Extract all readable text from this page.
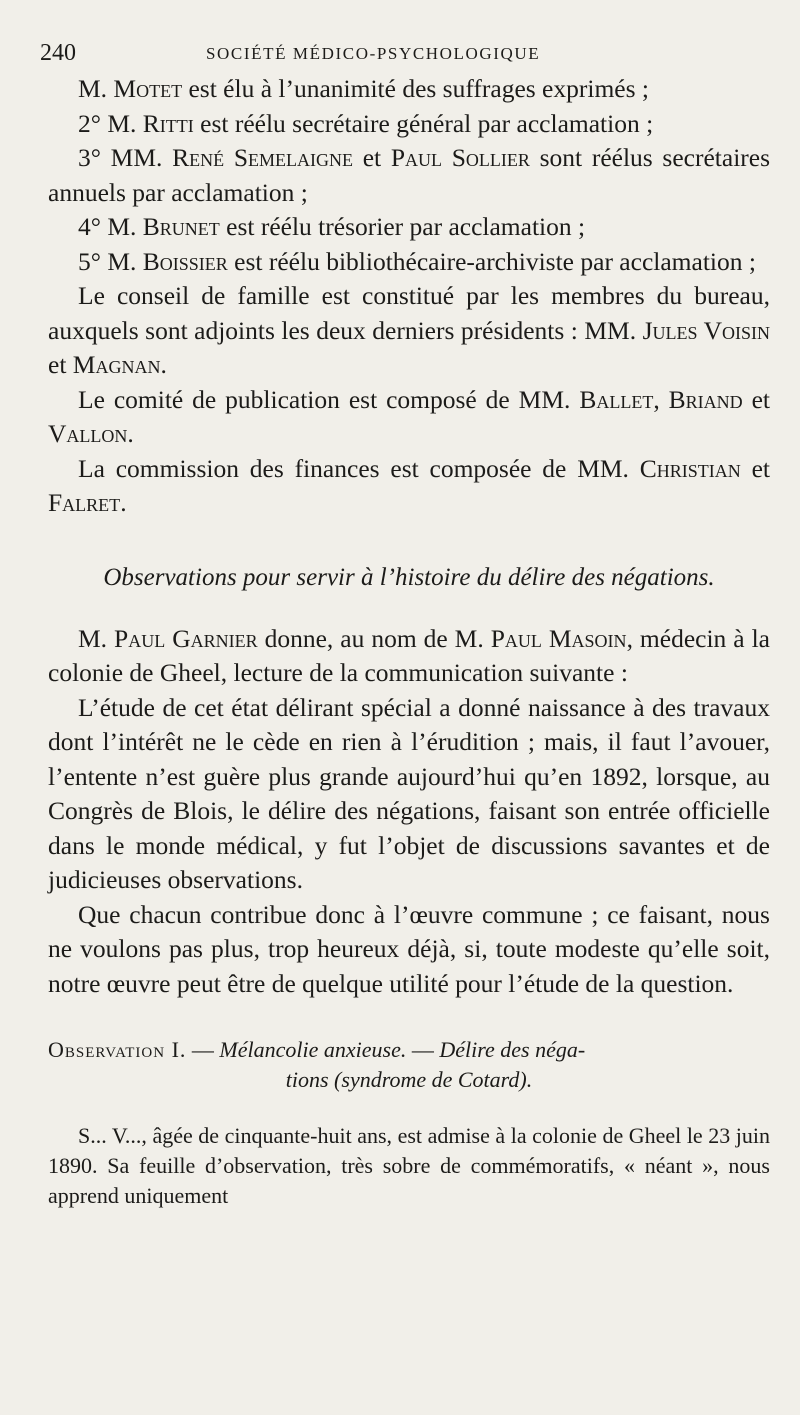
240	SOCIÉTÉ MÉDICO-PSYCHOLOGIQUE

M. Motet est élu à l’unanimité des suffrages exprimés ;

2° M. Ritti est réélu secrétaire général par acclamation ;

3° MM. René Semelaigne et Paul Sollier sont réélus secrétaires annuels par acclamation ;

4° M. Brunet est réélu trésorier par acclamation ;

5° M. Boissier est réélu bibliothécaire-archiviste par acclamation ;

Le conseil de famille est constitué par les membres du bureau, auxquels sont adjoints les deux derniers présidents : MM. Jules Voisin et Magnan.

Le comité de publication est composé de MM. Ballet, Briand et Vallon.

La commission des finances est composée de MM. Christian et Falret.

Observations pour servir à l’histoire du délire des négations.

M. Paul Garnier donne, au nom de M. Paul Masoin, médecin à la colonie de Gheel, lecture de la communication suivante :

L’étude de cet état délirant spécial a donné naissance à des travaux dont l’intérêt ne le cède en rien à l’érudition ; mais, il faut l’avouer, l’entente n’est guère plus grande aujourd’hui qu’en 1892, lorsque, au Congrès de Blois, le délire des négations, faisant son entrée officielle dans le monde médical, y fut l’objet de discussions savantes et de judicieuses observations.

Que chacun contribue donc à l’œuvre commune ; ce faisant, nous ne voulons pas plus, trop heureux déjà, si, toute modeste qu’elle soit, notre œuvre peut être de quelque utilité pour l’étude de la question.

Observation I. — Mélancolie anxieuse. — Délire des néga-
tions (syndrome de Cotard).

S... V..., âgée de cinquante-huit ans, est admise à la colonie de Gheel le 23 juin 1890. Sa feuille d’observation, très sobre de commémoratifs, « néant », nous apprend uniquement
